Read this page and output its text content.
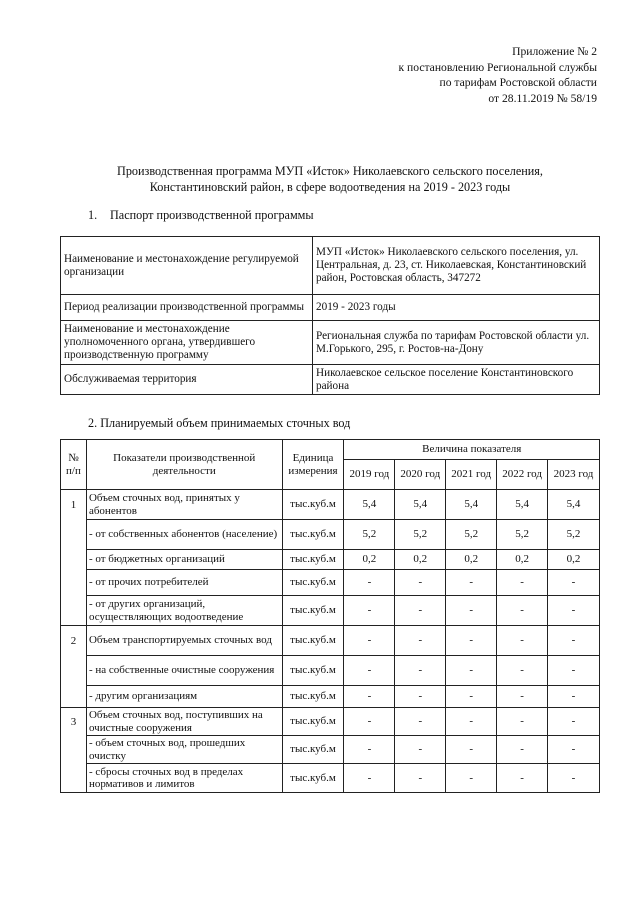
Приложение № 2
к постановлению Региональной службы
по тарифам Ростовской области
от 28.11.2019 № 58/19
Производственная программа МУП «Исток» Николаевского сельского поселения,
Константиновский район, в сфере водоотведения на 2019 - 2023 годы
1. Паспорт производственной программы
Наименование и местонахождение регулируемой организации	МУП «Исток» Николаевского сельского поселения, ул. Центральная, д. 23, ст. Николаевская, Константиновский район, Ростовская область, 347272
Период реализации производственной программы	2019 - 2023 годы
Наименование и местонахождение уполномоченного органа, утвердившего производственную программу	Региональная служба по тарифам Ростовской области ул. М.Горького, 295, г. Ростов-на-Дону
Обслуживаемая территория	Николаевское сельское поселение Константиновского района
2. Планируемый объем принимаемых сточных вод
№ п/п	Показатели производственной деятельности	Единица измерения	Величина показателя				
			2019 год	2020 год	2021 год	2022 год	2023 год
1	Объем сточных вод, принятых у абонентов	тыс.куб.м	5,4	5,4	5,4	5,4	5,4
	- от собственных абонентов (население)	тыс.куб.м	5,2	5,2	5,2	5,2	5,2
	- от бюджетных организаций	тыс.куб.м	0,2	0,2	0,2	0,2	0,2
	- от прочих потребителей	тыс.куб.м	-	-	-	-	-
	- от других организаций, осуществляющих водоотведение	тыс.куб.м	-	-	-	-	-
2	Объем транспортируемых сточных вод	тыс.куб.м	-	-	-	-	-
	- на собственные очистные сооружения	тыс.куб.м	-	-	-	-	-
	- другим организациям	тыс.куб.м	-	-	-	-	-
3	Объем сточных вод, поступивших на очистные сооружения	тыс.куб.м	-	-	-	-	-
	- объем сточных вод, прошедших очистку	тыс.куб.м	-	-	-	-	-
	- сбросы сточных вод в пределах нормативов и лимитов	тыс.куб.м	-	-	-	-	-
